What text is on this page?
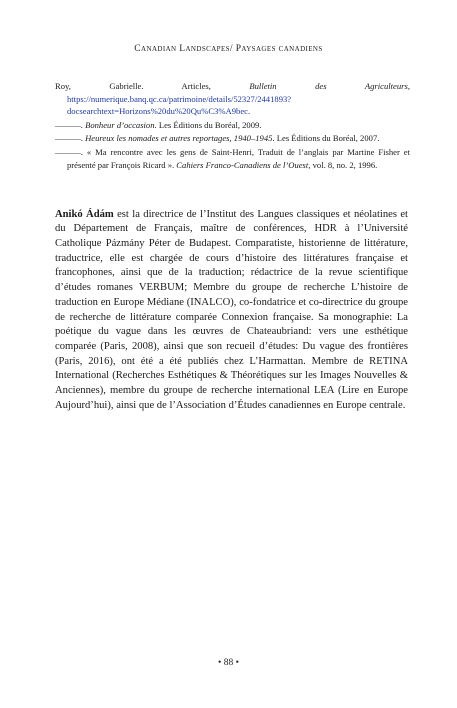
Canadian Landscapes/ Paysages canadiens

Roy, Gabrielle. Articles, Bulletin des Agriculteurs, https://numerique.banq.qc.ca/patrimoine/details/52327/2441893?docsearchtext=Horizons%20du%20Qu%C3%A9bec.

———. Bonheur d’occasion. Les Éditions du Boréal, 2009.

———. Heureux les nomades et autres reportages, 1940–1945. Les Éditions du Boréal, 2007.

———. « Ma rencontre avec les gens de Saint-Henri, Traduit de l’anglais par Martine Fisher et présenté par François Ricard ». Cahiers Franco-Canadiens de l’Ouest, vol. 8, no. 2, 1996.

Anikó Ádám est la directrice de l’Institut des Langues classiques et néolatines et du Département de Français, maître de conférences, HDR à l’Université Catholique Pázmány Péter de Budapest. Comparatiste, historienne de littérature, traductrice, elle est chargée de cours d’histoire des littératures française et francophones, ainsi que de la traduction; rédactrice de la revue scientifique d’études romanes VERBUM; Membre du groupe de recherche L’histoire de traduction en Europe Médiane (INALCO), co-fondatrice et co-directrice du groupe de recherche de littérature comparée Connexion française. Sa monographie: La poétique du vague dans les œuvres de Chateaubriand: vers une esthétique comparée (Paris, 2008), ainsi que son recueil d’études: Du vague des frontières (Paris, 2016), ont été a été publiés chez L’Harmattan. Membre de RETINA International (Recherches Esthétiques & Théorétiques sur les Images Nouvelles & Anciennes), membre du groupe de recherche international LEA (Lire en Europe Aujourd’hui), ainsi que de l’Association d’Études canadiennes en Europe centrale.

• 88 •
